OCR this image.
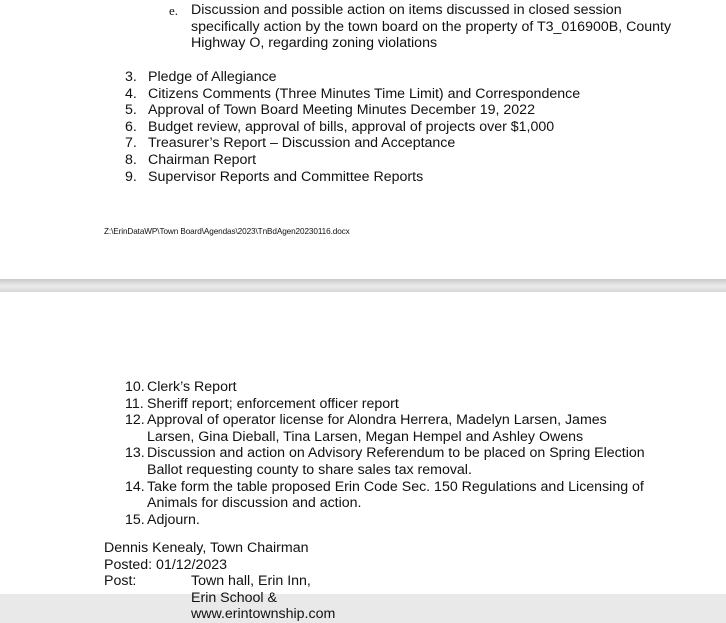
e. Discussion and possible action on items discussed in closed session specifically action by the town board on the property of T3_016900B, County Highway O, regarding zoning violations
3. Pledge of Allegiance
4. Citizens Comments (Three Minutes Time Limit) and Correspondence
5. Approval of Town Board Meeting Minutes December 19, 2022
6. Budget review, approval of bills, approval of projects over $1,000
7. Treasurer’s Report – Discussion and Acceptance
8. Chairman Report
9. Supervisor Reports and Committee Reports
Z:\ErinDataWP\Town Board\Agendas\2023\TnBdAgen20230116.docx
10. Clerk’s Report
11. Sheriff report; enforcement officer report
12. Approval of operator license for Alondra Herrera, Madelyn Larsen, James Larsen, Gina Dieball, Tina Larsen, Megan Hempel and Ashley Owens
13. Discussion and action on Advisory Referendum to be placed on Spring Election Ballot requesting county to share sales tax removal.
14. Take form the table proposed Erin Code Sec. 150 Regulations and Licensing of Animals for discussion and action.
15. Adjourn.
Dennis Kenealy, Town Chairman
Posted: 01/12/2023
Post:	Town hall, Erin Inn, Erin School & www.erintownship.com
